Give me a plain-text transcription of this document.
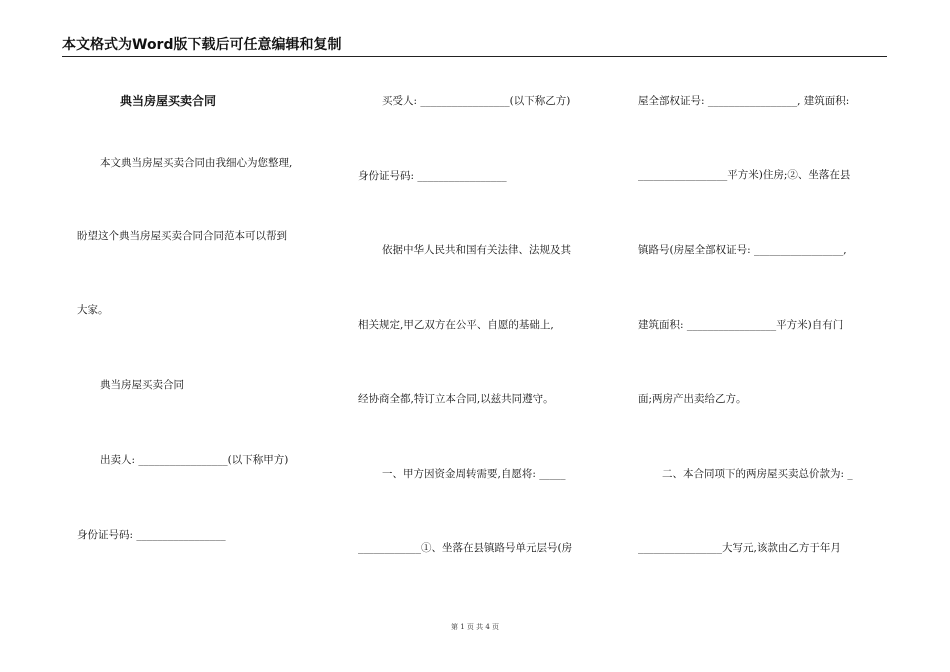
本文格式为Word版下载后可任意编辑和复制
典当房屋买卖合同
本文典当房屋买卖合同由我细心为您整理,
盼望这个典当房屋买卖合同合同范本可以帮到
大家。
典当房屋买卖合同
出卖人: _________________(以下称甲方)
身份证号码: _________________
买受人: _________________(以下称乙方)
身份证号码: _________________
依据中华人民共和国有关法律、法规及其
相关规定,甲乙双方在公平、自愿的基础上,
经协商全都,特订立本合同,以兹共同遵守。
一、甲方因资金周转需要,自愿将: _____
____________①、坐落在县镇路号单元层号(房
屋全部权证号: _________________, 建筑面积:
_________________平方米)住房;②、坐落在县
镇路号(房屋全部权证号: _________________,
建筑面积: _________________平方米)自有门
面;两房产出卖给乙方。
二、本合同项下的两房屋买卖总价款为: _
________________大写元,该款由乙方于年月
第 1 页 共 4 页
